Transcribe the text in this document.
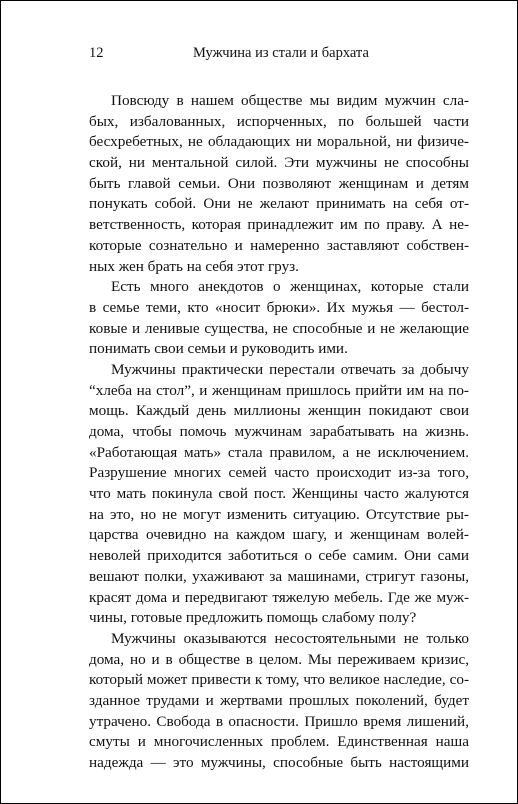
12	Мужчина из стали и бархата
Повсюду в нашем обществе мы видим мужчин сла-
бых, избалованных, испорченных, по большей части
бесхребетных, не обладающих ни моральной, ни физиче-
ской, ни ментальной силой. Эти мужчины не способны
быть главой семьи. Они позволяют женщинам и детям
понукать собой. Они не желают принимать на себя от-
ветственность, которая принадлежит им по праву. А не-
которые сознательно и намеренно заставляют собствен-
ных жен брать на себя этот груз.
Есть много анекдотов о женщинах, которые стали
в семье теми, кто «носит брюки». Их мужья — бестол-
ковые и ленивые существа, не способные и не желающие
понимать свои семьи и руководить ими.
Мужчины практически перестали отвечать за добычу
“хлеба на стол”, и женщинам пришлось прийти им на по-
мощь. Каждый день миллионы женщин покидают свои
дома, чтобы помочь мужчинам зарабатывать на жизнь.
«Работающая мать» стала правилом, а не исключением.
Разрушение многих семей часто происходит из-за того,
что мать покинула свой пост. Женщины часто жалуются
на это, но не могут изменить ситуацию. Отсутствие ры-
царства очевидно на каждом шагу, и женщинам волей-
неволей приходится заботиться о себе самим. Они сами
вешают полки, ухаживают за машинами, стригут газоны,
красят дома и передвигают тяжелую мебель. Где же муж-
чины, готовые предложить помощь слабому полу?
Мужчины оказываются несостоятельными не только
дома, но и в обществе в целом. Мы переживаем кризис,
который может привести к тому, что великое наследие, со-
зданное трудами и жертвами прошлых поколений, будет
утрачено. Свобода в опасности. Пришло время лишений,
смуты и многочисленных проблем. Единственная наша
надежда — это мужчины, способные быть настоящими
